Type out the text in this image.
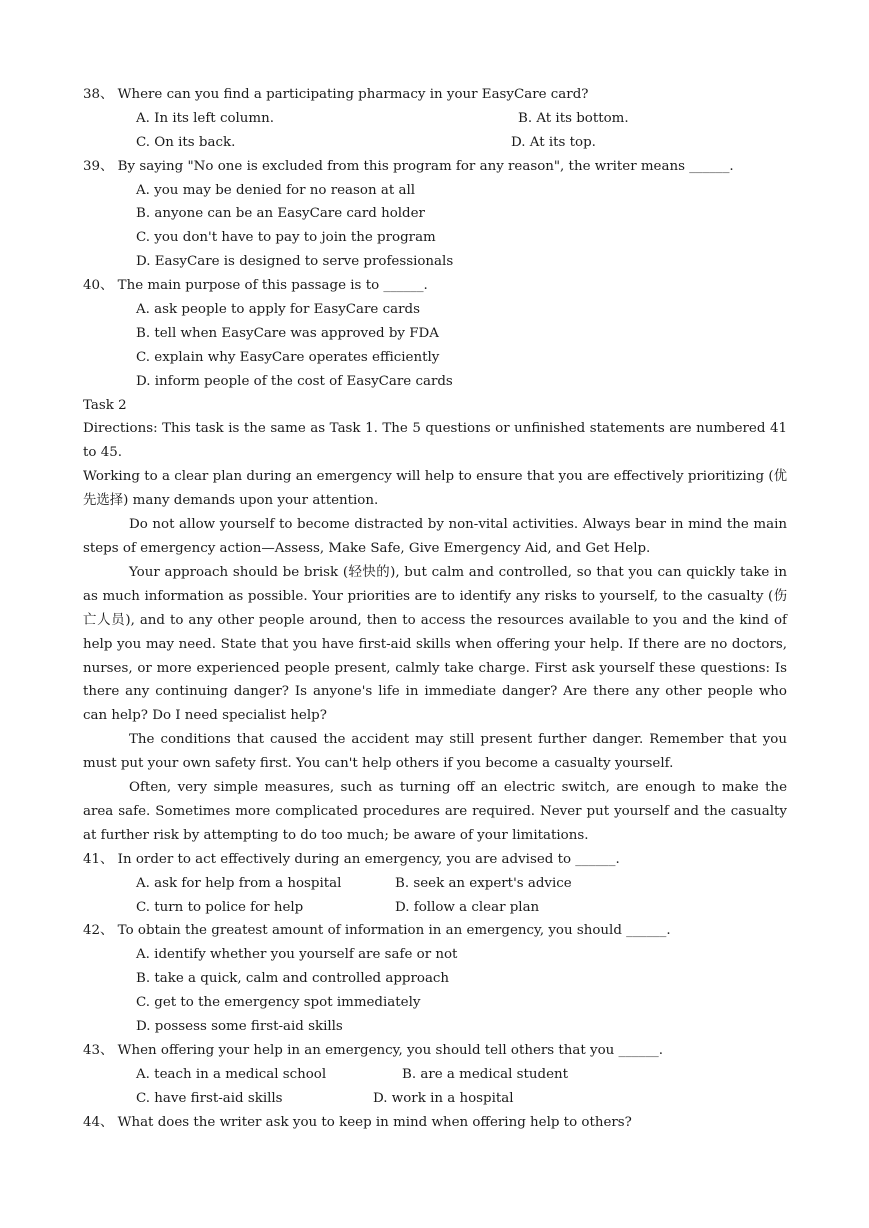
38、 Where can you find a participating pharmacy in your EasyCare card?
A. In its left column.	B. At its bottom.
C. On its back.	D. At its top.
39、 By saying "No one is excluded from this program for any reason", the writer means ______.
A. you may be denied for no reason at all
B. anyone can be an EasyCare card holder
C. you don't have to pay to join the program
D. EasyCare is designed to serve professionals
40、 The main purpose of this passage is to ______.
A. ask people to apply for EasyCare cards
B. tell when EasyCare was approved by FDA
C. explain why EasyCare operates efficiently
D. inform people of the cost of EasyCare cards
Task 2
Directions: This task is the same as Task 1. The 5 questions or unfinished statements are numbered 41 to 45.
Working to a clear plan during an emergency will help to ensure that you are effectively prioritizing (优先选择) many demands upon your attention.
Do not allow yourself to become distracted by non-vital activities. Always bear in mind the main steps of emergency action—Assess, Make Safe, Give Emergency Aid, and Get Help.
Your approach should be brisk (轻快的), but calm and controlled, so that you can quickly take in as much information as possible. Your priorities are to identify any risks to yourself, to the casualty (伤亡人员), and to any other people around, then to access the resources available to you and the kind of help you may need. State that you have first-aid skills when offering your help. If there are no doctors, nurses, or more experienced people present, calmly take charge. First ask yourself these questions: Is there any continuing danger? Is anyone's life in immediate danger? Are there any other people who can help? Do I need specialist help?
The conditions that caused the accident may still present further danger. Remember that you must put your own safety first. You can't help others if you become a casualty yourself.
Often, very simple measures, such as turning off an electric switch, are enough to make the area safe. Sometimes more complicated procedures are required. Never put yourself and the casualty at further risk by attempting to do too much; be aware of your limitations.
41、 In order to act effectively during an emergency, you are advised to ______.
A. ask for help from a hospital	B. seek an expert's advice
C. turn to police for help	D. follow a clear plan
42、 To obtain the greatest amount of information in an emergency, you should ______.
A. identify whether you yourself are safe or not
B. take a quick, calm and controlled approach
C. get to the emergency spot immediately
D. possess some first-aid skills
43、 When offering your help in an emergency, you should tell others that you ______.
A. teach in a medical school	B. are a medical student
C. have first-aid skills	D. work in a hospital
44、 What does the writer ask you to keep in mind when offering help to others?
